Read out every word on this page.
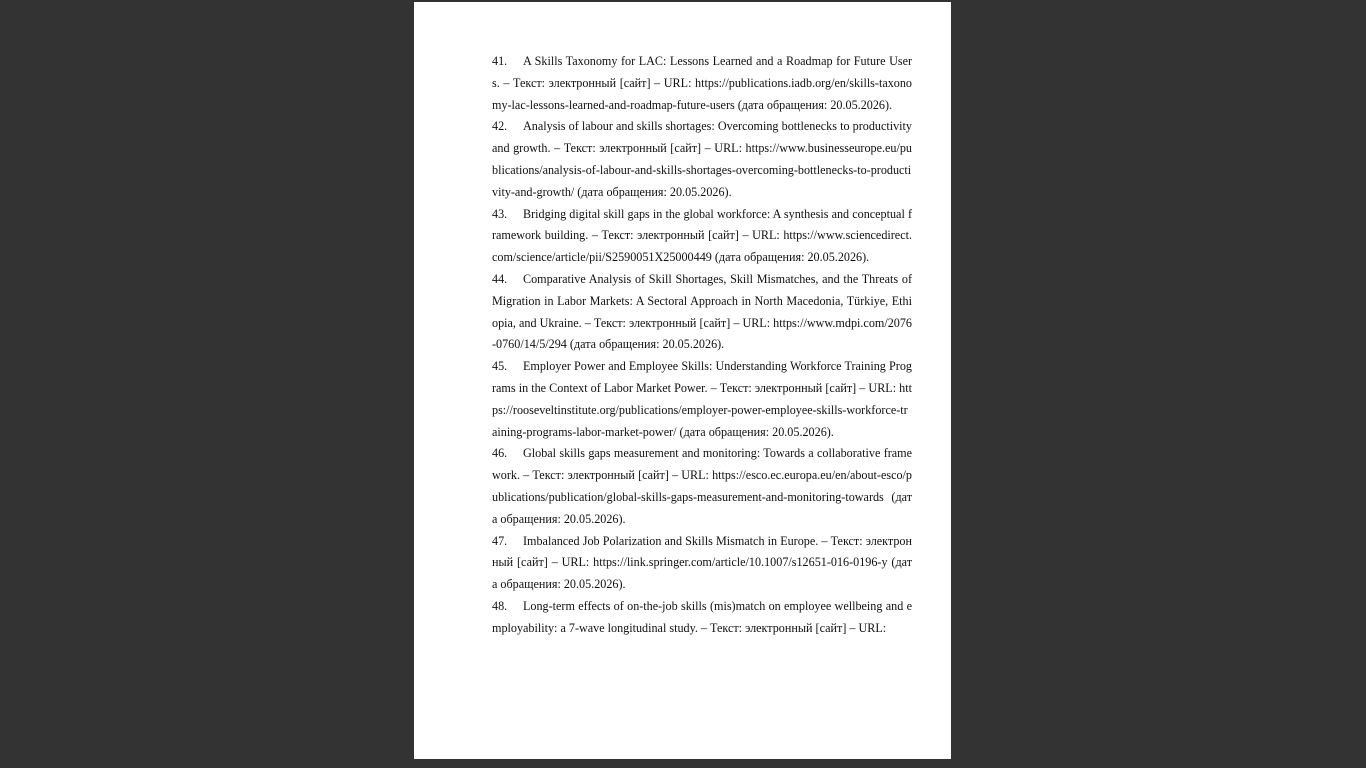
41. A Skills Taxonomy for LAC: Lessons Learned and a Roadmap for Future Users. – Текст: электронный [сайт] – URL: https://publications.iadb.org/en/skills-taxonomy-lac-lessons-learned-and-roadmap-future-users (дата обращения: 20.05.2026).

42. Analysis of labour and skills shortages: Overcoming bottlenecks to productivity and growth. – Текст: электронный [сайт] – URL: https://www.businesseurope.eu/publications/analysis-of-labour-and-skills-shortages-overcoming-bottlenecks-to-productivity-and-growth/ (дата обращения: 20.05.2026).

43. Bridging digital skill gaps in the global workforce: A synthesis and conceptual framework building. – Текст: электронный [сайт] – URL: https://www.sciencedirect.com/science/article/pii/S2590051X25000449 (дата обращения: 20.05.2026).

44. Comparative Analysis of Skill Shortages, Skill Mismatches, and the Threats of Migration in Labor Markets: A Sectoral Approach in North Macedonia, Türkiye, Ethiopia, and Ukraine. – Текст: электронный [сайт] – URL: https://www.mdpi.com/2076-0760/14/5/294 (дата обращения: 20.05.2026).

45. Employer Power and Employee Skills: Understanding Workforce Training Programs in the Context of Labor Market Power. – Текст: электронный [сайт] – URL: https://rooseveltinstitute.org/publications/employer-power-employee-skills-workforce-training-programs-labor-market-power/ (дата обращения: 20.05.2026).

46. Global skills gaps measurement and monitoring: Towards a collaborative framework. – Текст: электронный [сайт] – URL: https://esco.ec.europa.eu/en/about-esco/publications/publication/global-skills-gaps-measurement-and-monitoring-towards (дата обращения: 20.05.2026).

47. Imbalanced Job Polarization and Skills Mismatch in Europe. – Текст: электронный [сайт] – URL: https://link.springer.com/article/10.1007/s12651-016-0196-y (дата обращения: 20.05.2026).

48. Long-term effects of on-the-job skills (mis)match on employee wellbeing and employability: a 7-wave longitudinal study. – Текст: электронный [сайт] – URL:
